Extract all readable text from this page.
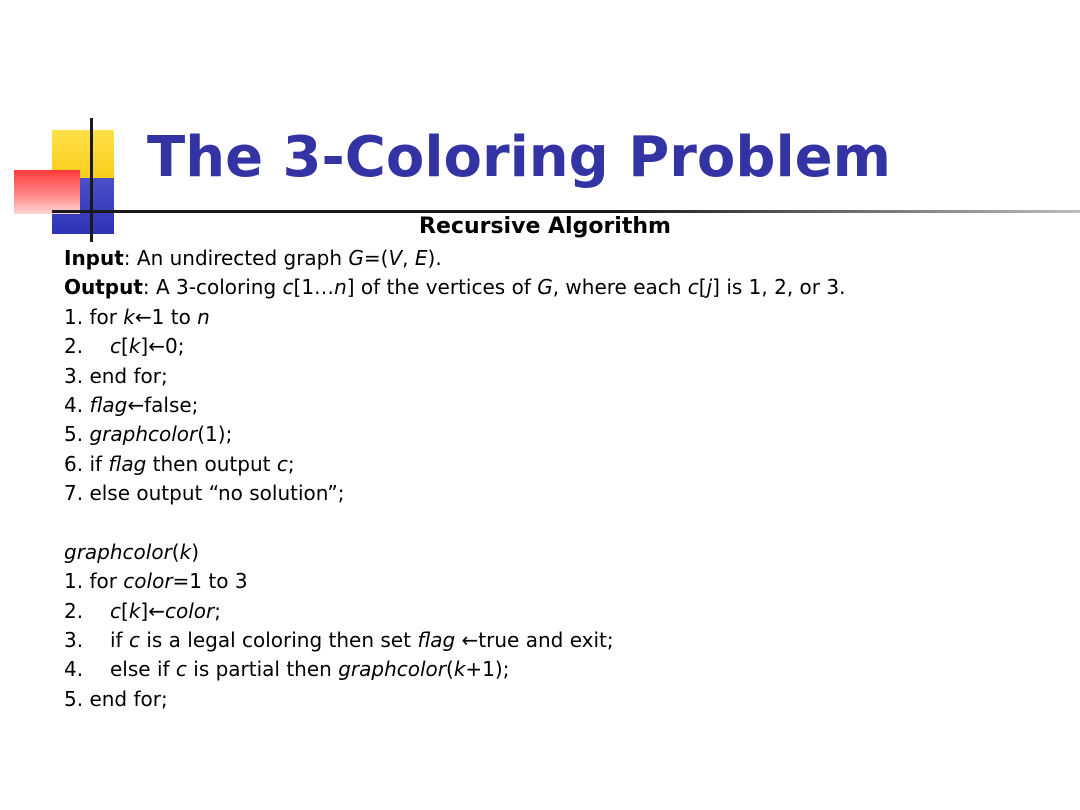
The 3-Coloring Problem
Recursive Algorithm
Input: An undirected graph G=(V, E).
Output: A 3-coloring c[1…n] of the vertices of G, where each c[j] is 1, 2, or 3.
1. for k←1 to n
2. c[k]←0;
3. end for;
4. flag←false;
5. graphcolor(1);
6. if flag then output c;
7. else output “no solution”;
graphcolor(k)
1. for color=1 to 3
2. c[k]←color;
3. if c is a legal coloring then set flag ←true and exit;
4. else if c is partial then graphcolor(k+1);
5. end for;
